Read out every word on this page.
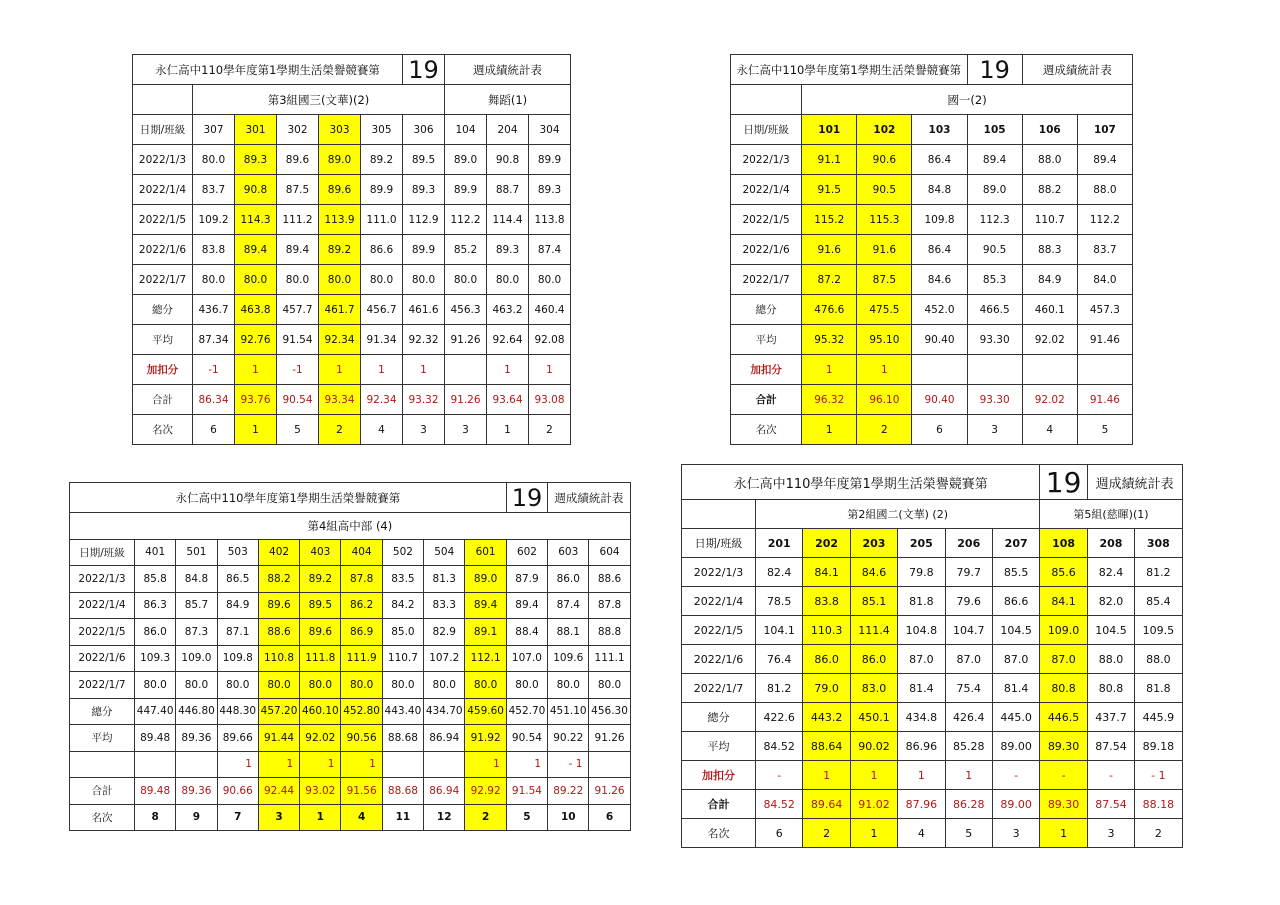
永仁高中110學年度第1學期生活榮譽競賽第						19	週成績統計表		
	第3組國三(文華)(2)						舞蹈(1)		
日期/班級	307	301	302	303	305	306	104	204	304
2022/1/3	80.0	89.3	89.6	89.0	89.2	89.5	89.0	90.8	89.9
2022/1/4	83.7	90.8	87.5	89.6	89.9	89.3	89.9	88.7	89.3
2022/1/5	109.2	114.3	111.2	113.9	111.0	112.9	112.2	114.4	113.8
2022/1/6	83.8	89.4	89.4	89.2	86.6	89.9	85.2	89.3	87.4
2022/1/7	80.0	80.0	80.0	80.0	80.0	80.0	80.0	80.0	80.0
總分	436.7	463.8	457.7	461.7	456.7	461.6	456.3	463.2	460.4
平均	87.34	92.76	91.54	92.34	91.34	92.32	91.26	92.64	92.08
加扣分	-1	1	-1	1	1	1		1	1
合計	86.34	93.76	90.54	93.34	92.34	93.32	91.26	93.64	93.08
名次	6	1	5	2	4	3	3	1	2
永仁高中110學年度第1學期生活榮譽競賽第				19	週成績統計表	
	國一(2)					
日期/班級	101	102	103	105	106	107
2022/1/3	91.1	90.6	86.4	89.4	88.0	89.4
2022/1/4	91.5	90.5	84.8	89.0	88.2	88.0
2022/1/5	115.2	115.3	109.8	112.3	110.7	112.2
2022/1/6	91.6	91.6	86.4	90.5	88.3	83.7
2022/1/7	87.2	87.5	84.6	85.3	84.9	84.0
總分	476.6	475.5	452.0	466.5	460.1	457.3
平均	95.32	95.10	90.40	93.30	92.02	91.46
加扣分	1	1				
合計	96.32	96.10	90.40	93.30	92.02	91.46
名次	1	2	6	3	4	5
永仁高中110學年度第1學期生活榮譽競賽第										19	週成績統計表	
第4組高中部 (4)												
日期/班級	401	501	503	402	403	404	502	504	601	602	603	604
2022/1/3	85.8	84.8	86.5	88.2	89.2	87.8	83.5	81.3	89.0	87.9	86.0	88.6
2022/1/4	86.3	85.7	84.9	89.6	89.5	86.2	84.2	83.3	89.4	89.4	87.4	87.8
2022/1/5	86.0	87.3	87.1	88.6	89.6	86.9	85.0	82.9	89.1	88.4	88.1	88.8
2022/1/6	109.3	109.0	109.8	110.8	111.8	111.9	110.7	107.2	112.1	107.0	109.6	111.1
2022/1/7	80.0	80.0	80.0	80.0	80.0	80.0	80.0	80.0	80.0	80.0	80.0	80.0
總分	447.40	446.80	448.30	457.20	460.10	452.80	443.40	434.70	459.60	452.70	451.10	456.30
平均	89.48	89.36	89.66	91.44	92.02	90.56	88.68	86.94	91.92	90.54	90.22	91.26
			1	1	1	1			1	1	- 1	
合計	89.48	89.36	90.66	92.44	93.02	91.56	88.68	86.94	92.92	91.54	89.22	91.26
名次	8	9	7	3	1	4	11	12	2	5	10	6
永仁高中110學年度第1學期生活榮譽競賽第							19	週成績統計表	
	第2組國二(文華) (2)						第5組(慈暉)(1)		
日期/班級	201	202	203	205	206	207	108	208	308
2022/1/3	82.4	84.1	84.6	79.8	79.7	85.5	85.6	82.4	81.2
2022/1/4	78.5	83.8	85.1	81.8	79.6	86.6	84.1	82.0	85.4
2022/1/5	104.1	110.3	111.4	104.8	104.7	104.5	109.0	104.5	109.5
2022/1/6	76.4	86.0	86.0	87.0	87.0	87.0	87.0	88.0	88.0
2022/1/7	81.2	79.0	83.0	81.4	75.4	81.4	80.8	80.8	81.8
總分	422.6	443.2	450.1	434.8	426.4	445.0	446.5	437.7	445.9
平均	84.52	88.64	90.02	86.96	85.28	89.00	89.30	87.54	89.18
加扣分	-	1	1	1	1	-	-	-	- 1
合計	84.52	89.64	91.02	87.96	86.28	89.00	89.30	87.54	88.18
名次	6	2	1	4	5	3	1	3	2
